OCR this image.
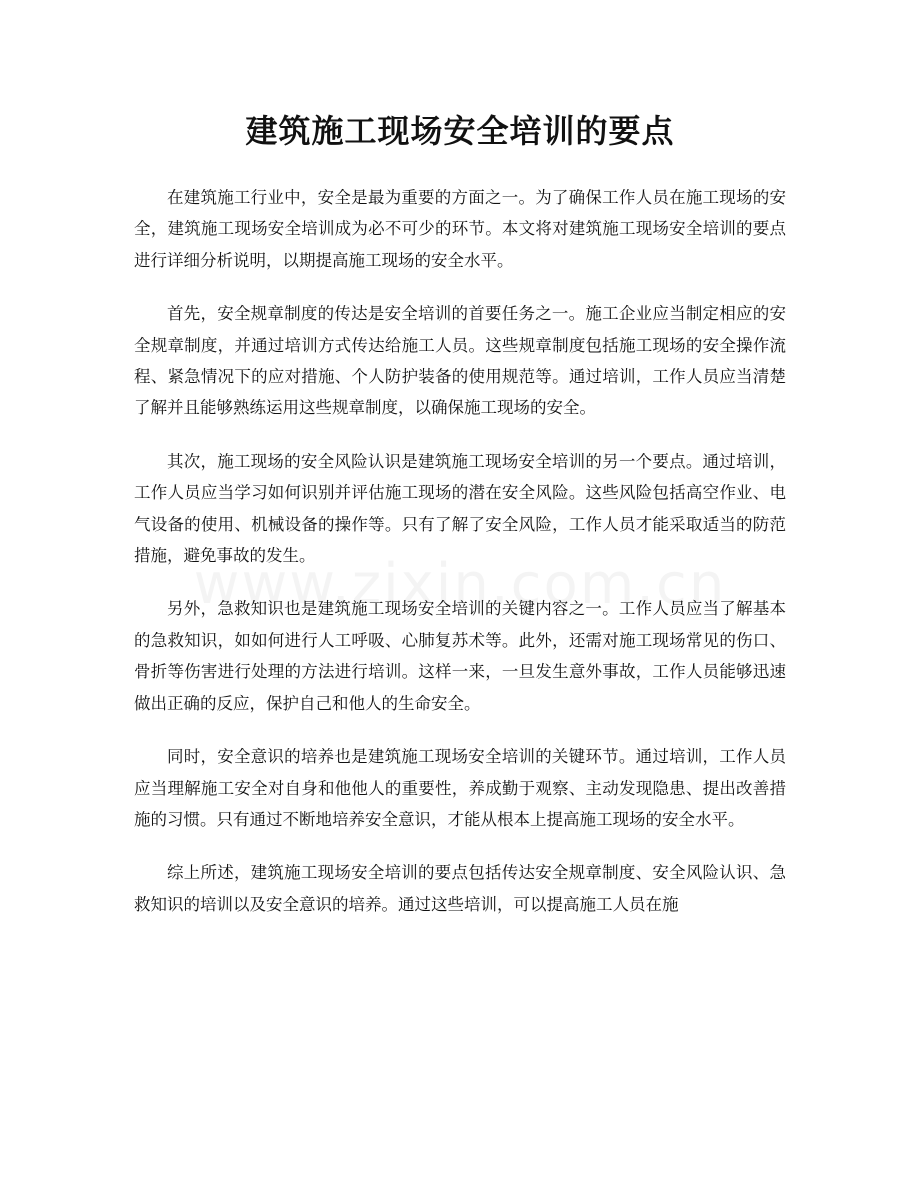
建筑施工现场安全培训的要点

在建筑施工行业中，安全是最为重要的方面之一。为了确保工作人员在施工现场的安全，建筑施工现场安全培训成为必不可少的环节。本文将对建筑施工现场安全培训的要点进行详细分析说明，以期提高施工现场的安全水平。

首先，安全规章制度的传达是安全培训的首要任务之一。施工企业应当制定相应的安全规章制度，并通过培训方式传达给施工人员。这些规章制度包括施工现场的安全操作流程、紧急情况下的应对措施、个人防护装备的使用规范等。通过培训，工作人员应当清楚了解并且能够熟练运用这些规章制度，以确保施工现场的安全。

其次，施工现场的安全风险认识是建筑施工现场安全培训的另一个要点。通过培训，工作人员应当学习如何识别并评估施工现场的潜在安全风险。这些风险包括高空作业、电气设备的使用、机械设备的操作等。只有了解了安全风险，工作人员才能采取适当的防范措施，避免事故的发生。

另外，急救知识也是建筑施工现场安全培训的关键内容之一。工作人员应当了解基本的急救知识，如如何进行人工呼吸、心肺复苏术等。此外，还需对施工现场常见的伤口、骨折等伤害进行处理的方法进行培训。这样一来，一旦发生意外事故，工作人员能够迅速做出正确的反应，保护自己和他人的生命安全。

同时，安全意识的培养也是建筑施工现场安全培训的关键环节。通过培训，工作人员应当理解施工安全对自身和他他人的重要性，养成勤于观察、主动发现隐患、提出改善措施的习惯。只有通过不断地培养安全意识，才能从根本上提高施工现场的安全水平。

综上所述，建筑施工现场安全培训的要点包括传达安全规章制度、安全风险认识、急救知识的培训以及安全意识的培养。通过这些培训，可以提高施工人员在施
